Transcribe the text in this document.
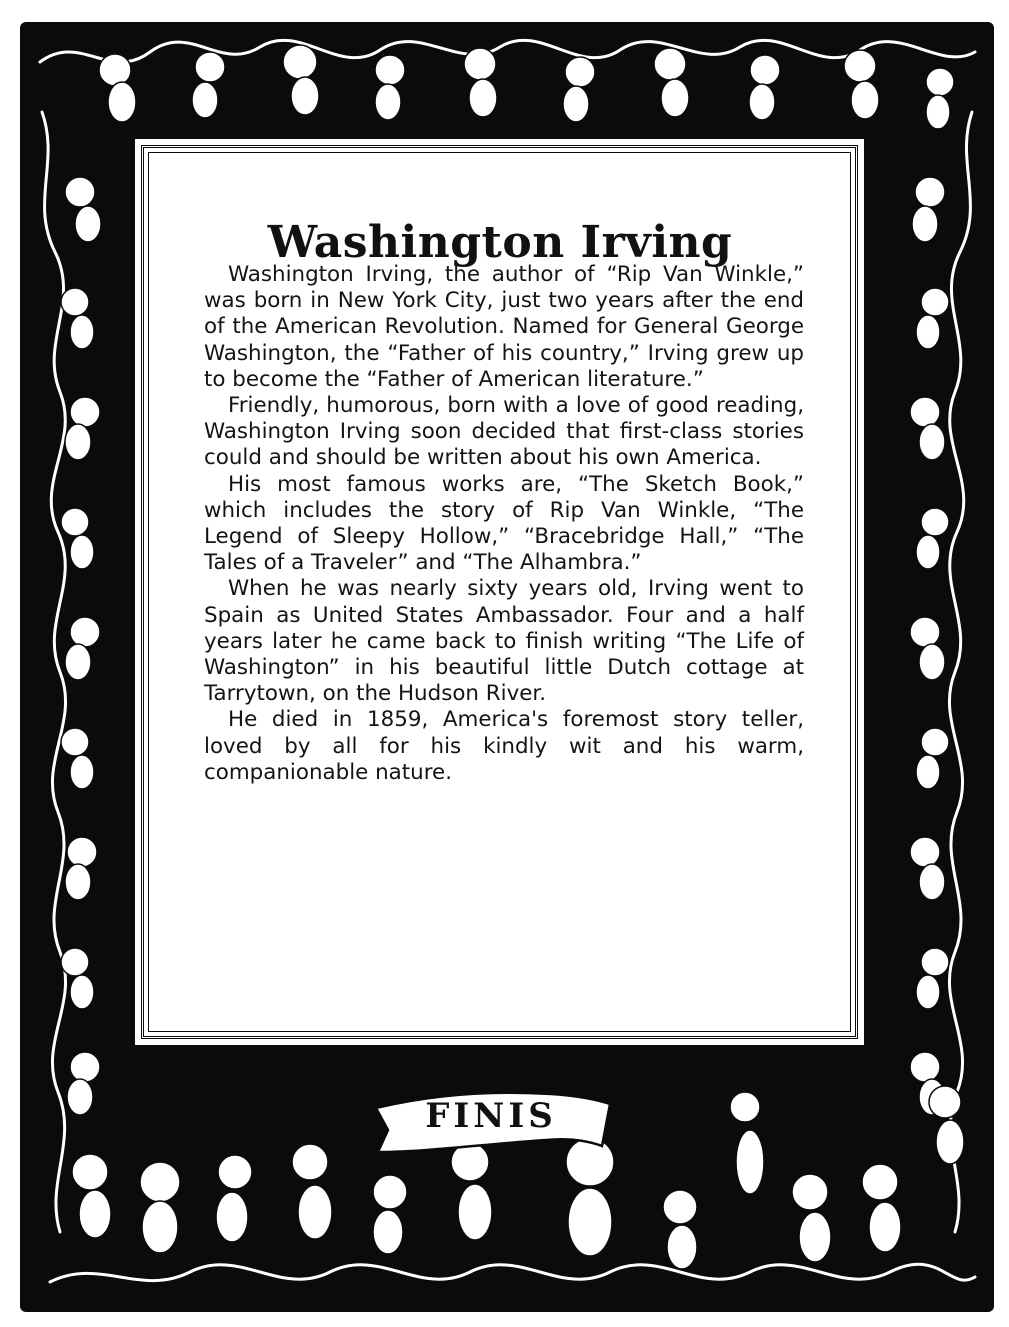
Washington Irving

Washington Irving, the author of “Rip Van Winkle,” was born in New York City, just two years after the end of the American Revolution. Named for General George Washington, the “Father of his country,” Irving grew up to become the “Father of American literature.”

Friendly, humorous, born with a love of good reading, Washington Irving soon decided that first-class stories could and should be written about his own America.

His most famous works are, “The Sketch Book,” which includes the story of Rip Van Winkle, “The Legend of Sleepy Hollow,” “Bracebridge Hall,” “The Tales of a Traveler” and “The Alhambra.”

When he was nearly sixty years old, Irving went to Spain as United States Ambassador. Four and a half years later he came back to finish writing “The Life of Washington” in his beautiful little Dutch cottage at Tarrytown, on the Hudson River.

He died in 1859, America's foremost story teller, loved by all for his kindly wit and his warm, companionable nature.

FINIS
